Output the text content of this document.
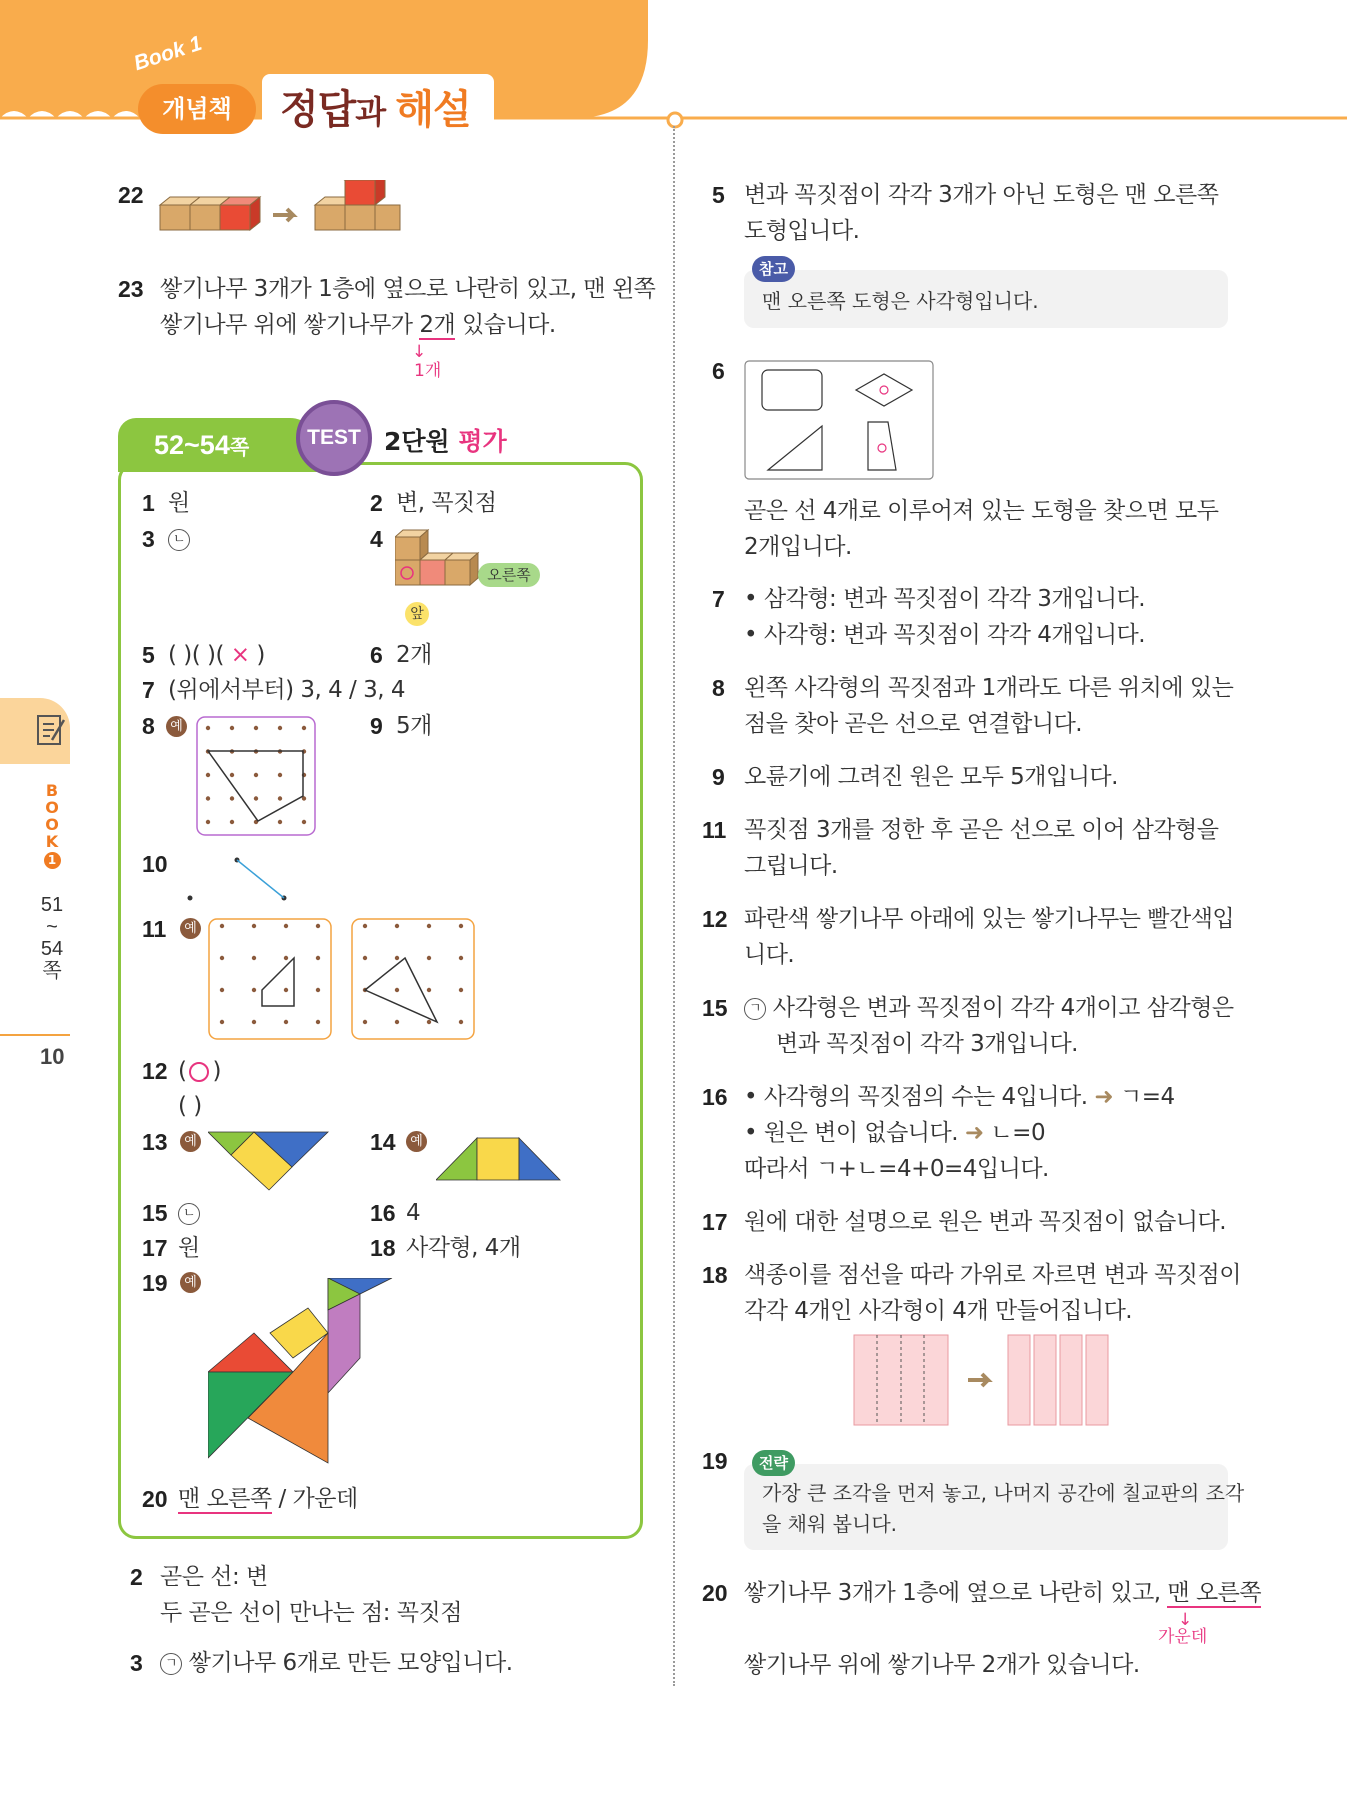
Book 1
개념책	정답과 해설
B
O
O
K
1
51
~
54
쪽
10
22
23 쌓기나무 3개가 1층에 옆으로 나란히 있고, 맨 왼쪽
쌓기나무 위에 쌓기나무가 2개 있습니다.
↓
1개
52~54쪽	TEST 2단원 평가
1 원	2 변, 꼭짓점
3	ㄴ	4
오른쪽
앞
5 ( )( )( × )	6 2개
7 (위에서부터) 3, 4 / 3, 4
8	예	9 5개
10
11	예
12 ( )
( )
13	예	14	예
15	ㄴ	16 4
17 원	18 사각형, 4개
19	예
20 맨 오른쪽 / 가운데
2 곧은 선: 변
두 곧은 선이 만나는 점: 꼭짓점
3	ㄱ 쌓기나무 6개로 만든 모양입니다.
5 변과 꼭짓점이 각각 3개가 아닌 도형은 맨 오른쪽
도형입니다.
참고
맨 오른쪽 도형은 사각형입니다.
6
곧은 선 4개로 이루어져 있는 도형을 찾으면 모두
2개입니다.
7 • 삼각형: 변과 꼭짓점이 각각 3개입니다.
• 사각형: 변과 꼭짓점이 각각 4개입니다.
8 왼쪽 사각형의 꼭짓점과 1개라도 다른 위치에 있는
점을 찾아 곧은 선으로 연결합니다.
9 오륜기에 그려진 원은 모두 5개입니다.
11 꼭짓점 3개를 정한 후 곧은 선으로 이어 삼각형을
그립니다.
12 파란색 쌓기나무 아래에 있는 쌓기나무는 빨간색입
니다.
15	ㄱ 사각형은 변과 꼭짓점이 각각 4개이고 삼각형은
변과 꼭짓점이 각각 3개입니다.
16 • 사각형의 꼭짓점의 수는 4입니다. ➜ ㄱ=4
• 원은 변이 없습니다. ➜ ㄴ=0
따라서 ㄱ+ㄴ=4+0=4입니다.
17 원에 대한 설명으로 원은 변과 꼭짓점이 없습니다.
18 색종이를 점선을 따라 가위로 자르면 변과 꼭짓점이
각각 4개인 사각형이 4개 만들어집니다.
19	전략
가장 큰 조각을 먼저 놓고, 나머지 공간에 칠교판의 조각
을 채워 봅니다.
20 쌓기나무 3개가 1층에 옆으로 나란히 있고, 맨 오른쪽
↓
가운데
쌓기나무 위에 쌓기나무 2개가 있습니다.
